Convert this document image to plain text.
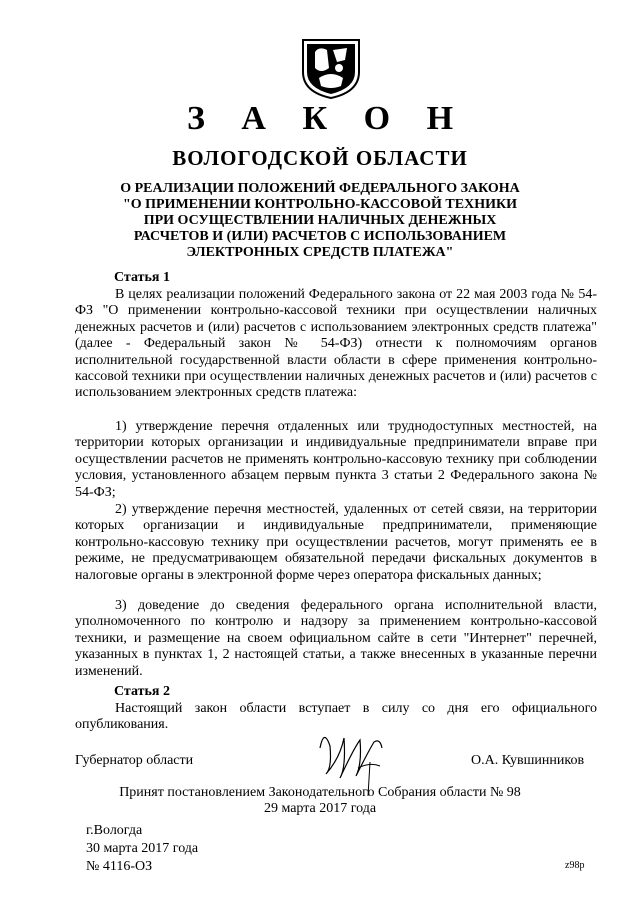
З А К О Н
ВОЛОГОДСКОЙ ОБЛАСТИ
О РЕАЛИЗАЦИИ ПОЛОЖЕНИЙ ФЕДЕРАЛЬНОГО ЗАКОНА
"О ПРИМЕНЕНИИ КОНТРОЛЬНО-КАССОВОЙ ТЕХНИКИ
ПРИ ОСУЩЕСТВЛЕНИИ НАЛИЧНЫХ ДЕНЕЖНЫХ
РАСЧЕТОВ И (ИЛИ) РАСЧЕТОВ С ИСПОЛЬЗОВАНИЕМ
ЭЛЕКТРОННЫХ СРЕДСТВ ПЛАТЕЖА"
Статья 1
В целях реализации положений Федерального закона от 22 мая 2003 года № 54-ФЗ "О применении контрольно-кассовой техники при осуществлении наличных денежных расчетов и (или) расчетов с использованием электронных средств платежа" (далее - Федеральный закон № 54-ФЗ) отнести к полномочиям органов исполнительной государственной власти области в сфере применения контрольно-кассовой техники при осуществлении наличных денежных расчетов и (или) расчетов с использованием электронных средств платежа:
1) утверждение перечня отдаленных или труднодоступных местностей, на территории которых организации и индивидуальные предприниматели вправе при осуществлении расчетов не применять контрольно-кассовую технику при соблюдении условия, установленного абзацем первым пункта 3 статьи 2 Федерального закона № 54-ФЗ;
2) утверждение перечня местностей, удаленных от сетей связи, на территории которых организации и индивидуальные предприниматели, применяющие контрольно-кассовую технику при осуществлении расчетов, могут применять ее в режиме, не предусматривающем обязательной передачи фискальных документов в налоговые органы в электронной форме через оператора фискальных данных;
3) доведение до сведения федерального органа исполнительной власти, уполномоченного по контролю и надзору за применением контрольно-кассовой техники, и размещение на своем официальном сайте в сети "Интернет" перечней, указанных в пунктах 1, 2 настоящей статьи, а также внесенных в указанные перечни изменений.
Статья 2
Настоящий закон области вступает в силу со дня его официального опубликования.
Губернатор области	О.А. Кувшинников
Принят постановлением Законодательного Собрания области № 98
29 марта 2017 года
г.Вологда
30 марта 2017 года
№ 4116-ОЗ	z98p
